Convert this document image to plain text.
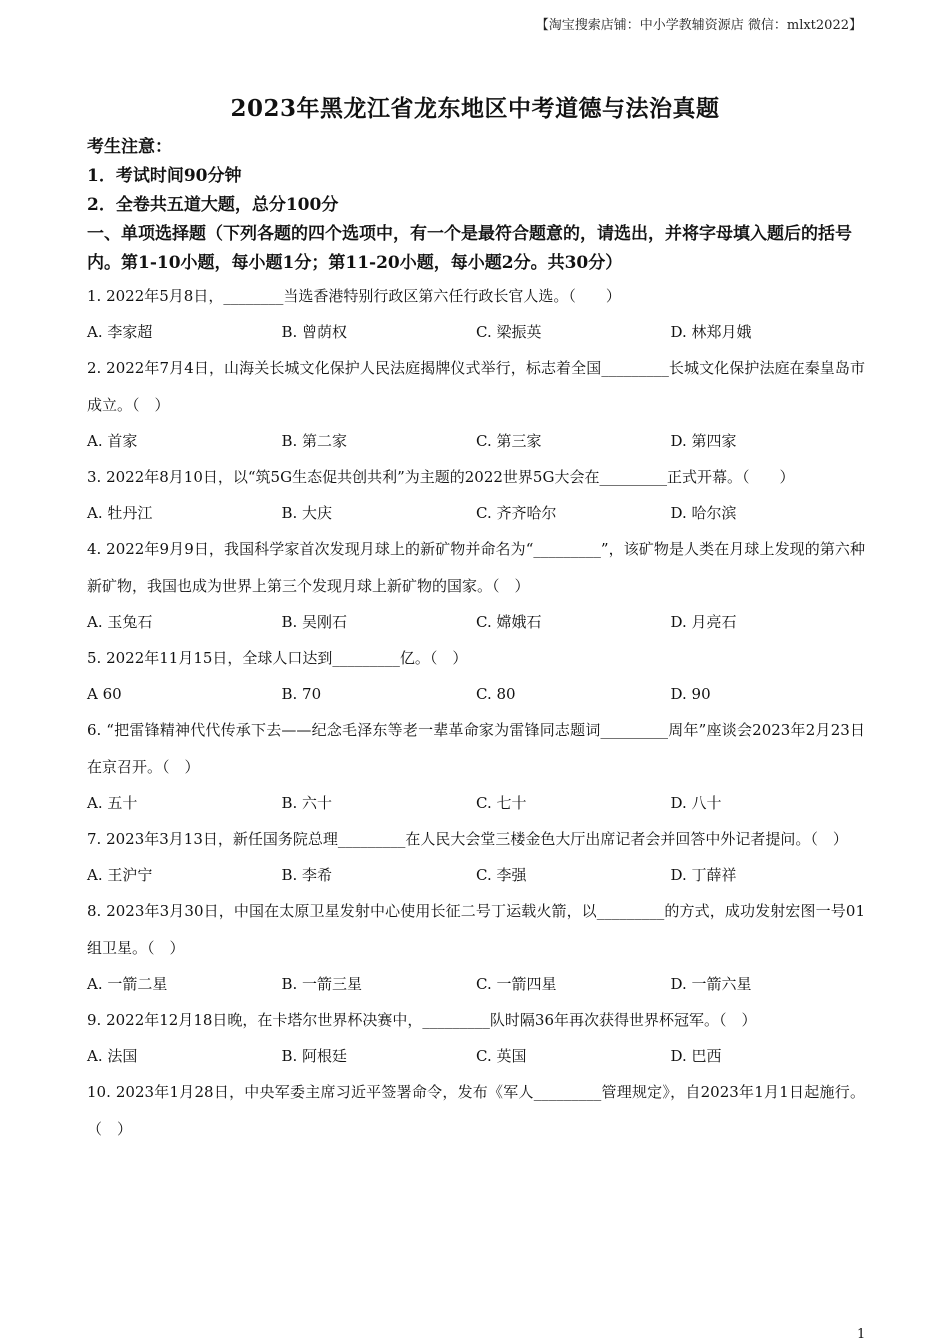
【淘宝搜索店铺：中小学教辅资源店 微信：mlxt2022】
2023年黑龙江省龙东地区中考道德与法治真题
考生注意：
1．考试时间90分钟
2．全卷共五道大题，总分100分
一、单项选择题（下列各题的四个选项中，有一个是最符合题意的，请选出，并将字母填入题后的括号内。第1-10小题，每小题1分；第11-20小题，每小题2分。共30分）
1. 2022年5月8日，________当选香港特别行政区第六任行政长官人选。（　　）
A. 李家超	B. 曾荫权	C. 梁振英	D. 林郑月娥
2. 2022年7月4日，山海关长城文化保护人民法庭揭牌仪式举行，标志着全国_________长城文化保护法庭在秦皇岛市成立。（　）
A. 首家	B. 第二家	C. 第三家	D. 第四家
3. 2022年8月10日，以“筑5G生态促共创共利”为主题的2022世界5G大会在_________正式开幕。（　　）
A. 牡丹江	B. 大庆	C. 齐齐哈尔	D. 哈尔滨
4. 2022年9月9日，我国科学家首次发现月球上的新矿物并命名为“_________”，该矿物是人类在月球上发现的第六种新矿物，我国也成为世界上第三个发现月球上新矿物的国家。（　）
A. 玉兔石	B. 吴刚石	C. 嫦娥石	D. 月亮石
5. 2022年11月15日，全球人口达到_________亿。（　）
A 60	B. 70	C. 80	D. 90
6. “把雷锋精神代代传承下去——纪念毛泽东等老一辈革命家为雷锋同志题词_________周年”座谈会2023年2月23日在京召开。（　）
A. 五十	B. 六十	C. 七十	D. 八十
7. 2023年3月13日，新任国务院总理_________在人民大会堂三楼金色大厅出席记者会并回答中外记者提问。（　）
A. 王沪宁	B. 李希	C. 李强	D. 丁薛祥
8. 2023年3月30日，中国在太原卫星发射中心使用长征二号丁运载火箭，以_________的方式，成功发射宏图一号01组卫星。（　）
A. 一箭二星	B. 一箭三星	C. 一箭四星	D. 一箭六星
9. 2022年12月18日晚，在卡塔尔世界杯决赛中，_________队时隔36年再次获得世界杯冠军。（　）
A. 法国	B. 阿根廷	C. 英国	D. 巴西
10. 2023年1月28日，中央军委主席习近平签署命令，发布《军人_________管理规定》，自2023年1月1日起施行。（　）
1
